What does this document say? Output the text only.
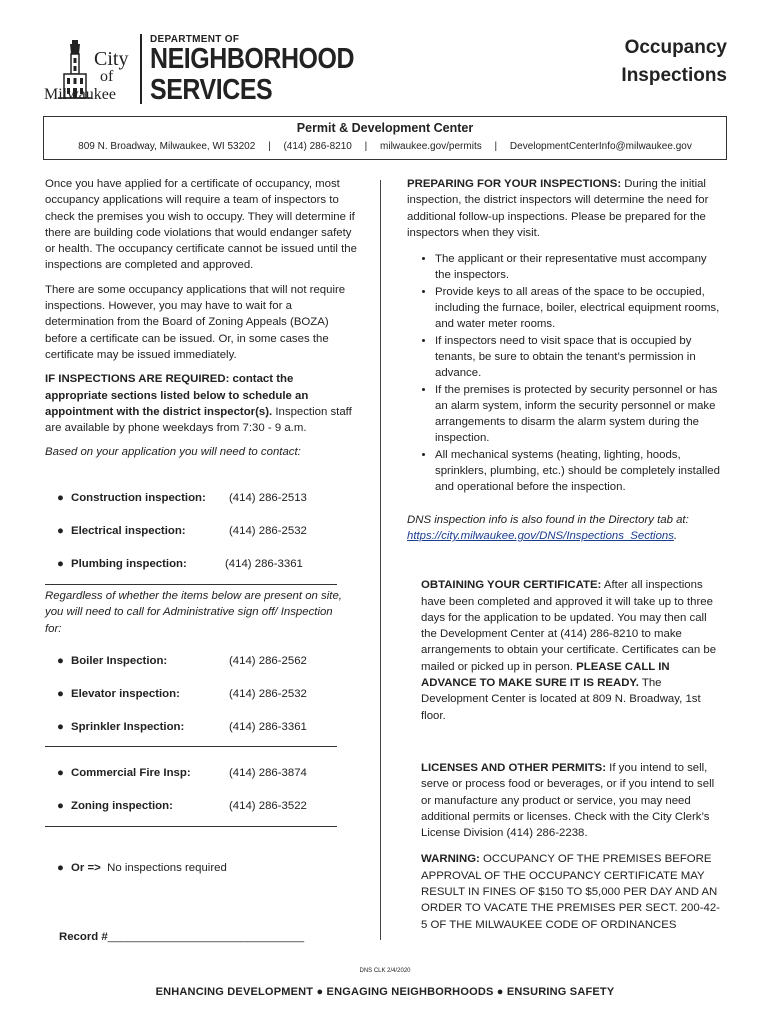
City
of
Milwaukee
DEPARTMENT OF
NEIGHBORHOOD
SERVICES
Occupancy
Inspections
Permit & Development Center
809 N. Broadway, Milwaukee, WI 53202 | (414) 286-8210 | milwaukee.gov/permits | DevelopmentCenterInfo@milwaukee.gov

Once you have applied for a certificate of occupancy, most occupancy applications will require a team of inspectors to check the premises you wish to occupy. They will determine if there are building code violations that would endanger safety or health. The occupancy certificate cannot be issued until the inspections are completed and approved.

There are some occupancy applications that will not require inspections. However, you may have to wait for a determination from the Board of Zoning Appeals (BOZA) before a certificate can be issued. Or, in some cases the certificate may be issued immediately.

IF INSPECTIONS ARE REQUIRED: contact the appropriate sections listed below to schedule an appointment with the district inspector(s). Inspection staff are available by phone weekdays from 7:30 - 9 a.m.

Based on your application you will need to contact:

● Construction inspection: (414) 286-2513
● Electrical inspection:	(414) 286-2532
● Plumbing inspection:	(414) 286-3361

Regardless of whether the items below are present on site, you will need to call for Administrative sign off/ Inspection for:

● Boiler Inspection:	(414) 286-2562
● Elevator inspection:	(414) 286-2532
● Sprinkler Inspection:	(414) 286-3361
● Commercial Fire Insp:	(414) 286-3874
● Zoning inspection:	(414) 286-3522
● Or => No inspections required
Record #_______________________________

PREPARING FOR YOUR INSPECTIONS: During the initial inspection, the district inspectors will determine the need for additional follow-up inspections. Please be prepared for the inspectors when they visit.

• The applicant or their representative must accompany the inspectors.
• Provide keys to all areas of the space to be occupied, including the furnace, boiler, electrical equipment rooms, and water meter rooms.
• If inspectors need to visit space that is occupied by tenants, be sure to obtain the tenant’s permission in advance.
• If the premises is protected by security personnel or has an alarm system, inform the security personnel or make arrangements to disarm the alarm system during the inspection.
• All mechanical systems (heating, lighting, hoods, sprinklers, plumbing, etc.) should be completely installed and operational before the inspection.

DNS inspection info is also found in the Directory tab at:
https://city.milwaukee.gov/DNS/Inspections_Sections.

OBTAINING YOUR CERTIFICATE: After all inspections have been completed and approved it will take up to three days for the application to be updated. You may then call the Development Center at (414) 286-8210 to make arrangements to obtain your certificate. Certificates can be mailed or picked up in person. PLEASE CALL IN ADVANCE TO MAKE SURE IT IS READY. The Development Center is located at 809 N. Broadway, 1st floor.

LICENSES AND OTHER PERMITS: If you intend to sell, serve or process food or beverages, or if you intend to sell or manufacture any product or service, you may need additional permits or licenses. Check with the City Clerk’s License Division (414) 286-2238.

WARNING: OCCUPANCY OF THE PREMISES BEFORE APPROVAL OF THE OCCUPANCY CERTIFICATE MAY RESULT IN FINES OF $150 TO $5,000 PER DAY AND AN ORDER TO VACATE THE PREMISES PER SECT. 200-42-5 OF THE MILWAUKEE CODE OF ORDINANCES

DNS CLK 2/4/2020
ENHANCING DEVELOPMENT ● ENGAGING NEIGHBORHOODS ● ENSURING SAFETY
